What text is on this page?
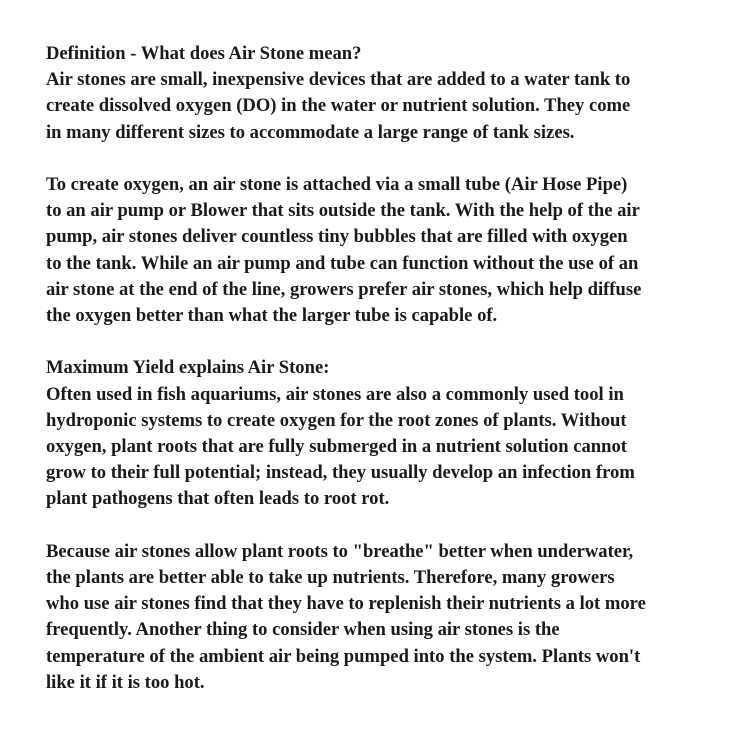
Definition - What does Air Stone mean?
Air stones are small, inexpensive devices that are added to a water tank to
create dissolved oxygen (DO) in the water or nutrient solution. They come
in many different sizes to accommodate a large range of tank sizes.
To create oxygen, an air stone is attached via a small tube (Air Hose Pipe)
to an air pump or Blower that sits outside the tank. With the help of the air
pump, air stones deliver countless tiny bubbles that are filled with oxygen
to the tank. While an air pump and tube can function without the use of an
air stone at the end of the line, growers prefer air stones, which help diffuse
the oxygen better than what the larger tube is capable of.
Maximum Yield explains Air Stone:
Often used in fish aquariums, air stones are also a commonly used tool in
hydroponic systems to create oxygen for the root zones of plants. Without
oxygen, plant roots that are fully submerged in a nutrient solution cannot
grow to their full potential; instead, they usually develop an infection from
plant pathogens that often leads to root rot.
Because air stones allow plant roots to "breathe" better when underwater,
the plants are better able to take up nutrients. Therefore, many growers
who use air stones find that they have to replenish their nutrients a lot more
frequently. Another thing to consider when using air stones is the
temperature of the ambient air being pumped into the system. Plants won't
like it if it is too hot.
